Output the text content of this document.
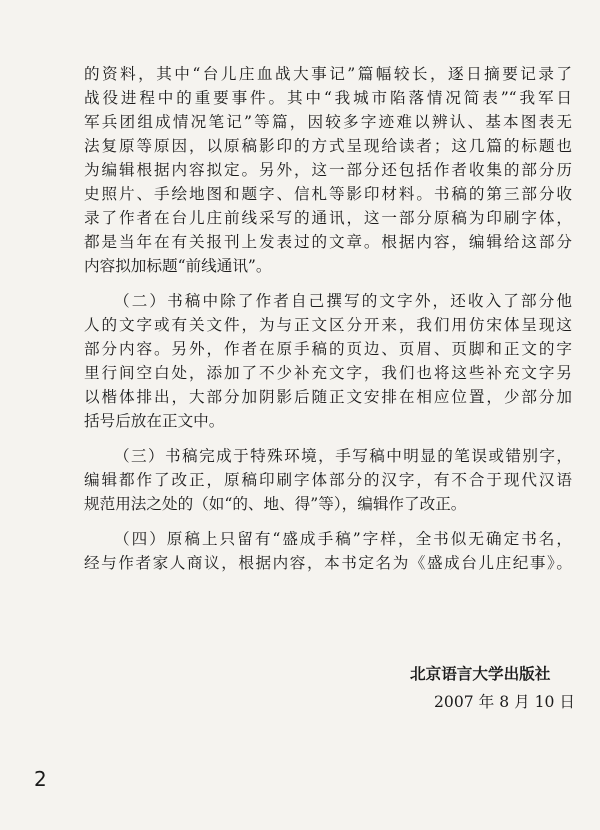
的资料，其中“台儿庄血战大事记”篇幅较长，逐日摘要记录了
战役进程中的重要事件。其中“我城市陷落情况简表”“我军日
军兵团组成情况笔记”等篇，因较多字迹难以辨认、基本图表无
法复原等原因，以原稿影印的方式呈现给读者；这几篇的标题也
为编辑根据内容拟定。另外，这一部分还包括作者收集的部分历
史照片、手绘地图和题字、信札等影印材料。书稿的第三部分收
录了作者在台儿庄前线采写的通讯，这一部分原稿为印刷字体，
都是当年在有关报刊上发表过的文章。根据内容，编辑给这部分
内容拟加标题“前线通讯”。
（二）书稿中除了作者自己撰写的文字外，还收入了部分他
人的文字或有关文件，为与正文区分开来，我们用仿宋体呈现这
部分内容。另外，作者在原手稿的页边、页眉、页脚和正文的字
里行间空白处，添加了不少补充文字，我们也将这些补充文字另
以楷体排出，大部分加阴影后随正文安排在相应位置，少部分加
括号后放在正文中。
（三）书稿完成于特殊环境，手写稿中明显的笔误或错别字，
编辑都作了改正，原稿印刷字体部分的汉字，有不合于现代汉语
规范用法之处的（如“的、地、得”等），编辑作了改正。
（四）原稿上只留有“盛成手稿”字样，全书似无确定书名，
经与作者家人商议，根据内容，本书定名为《盛成台儿庄纪事》。
北京语言大学出版社
2007 年 8 月 10 日
2
